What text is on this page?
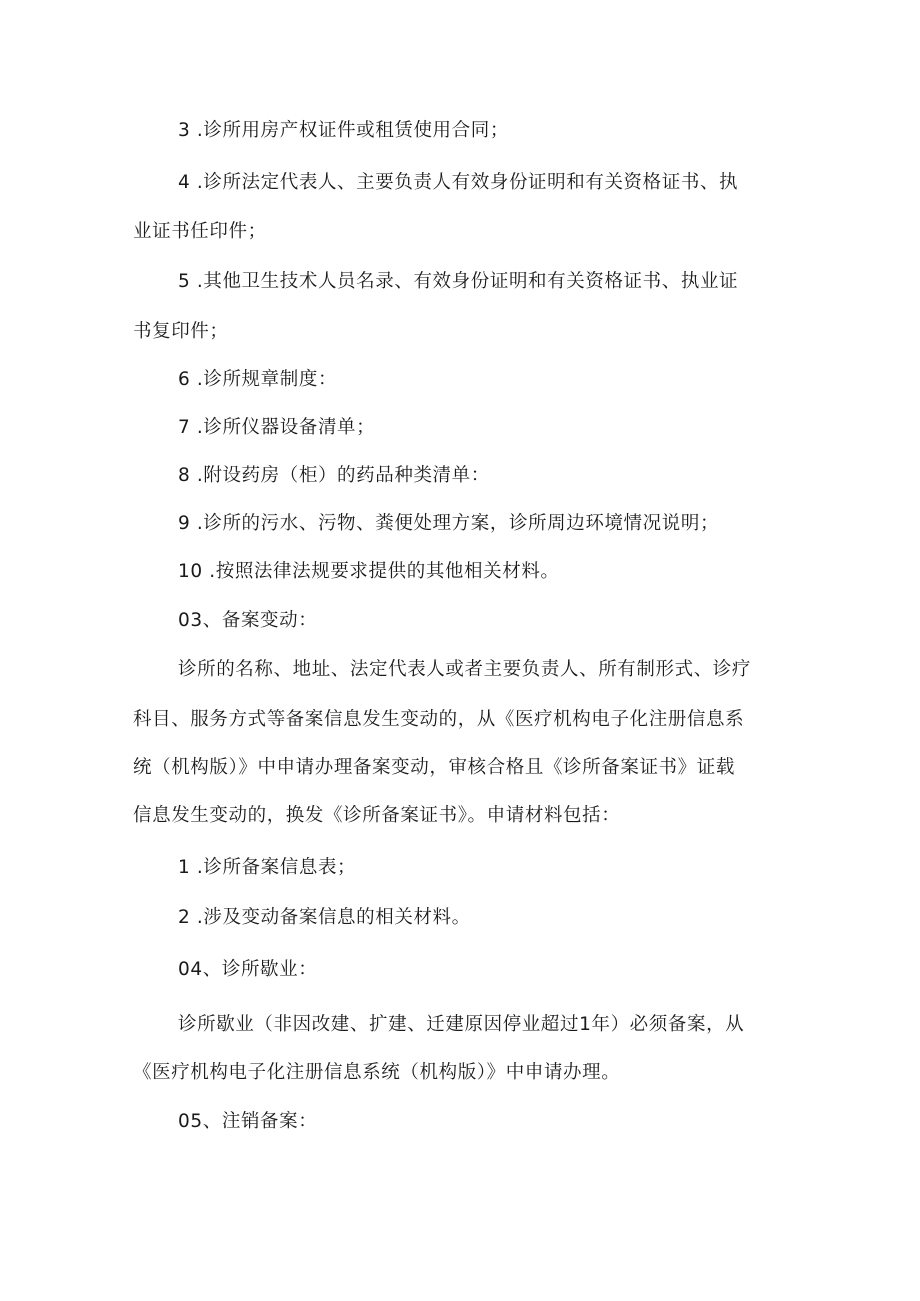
3 .诊所用房产权证件或租赁使用合同；
4 .诊所法定代表人、主要负责人有效身份证明和有关资格证书、执
业证书任印件；
5 .其他卫生技术人员名录、有效身份证明和有关资格证书、执业证
书复印件；
6 .诊所规章制度：
7 .诊所仪器设备清单；
8 .附设药房（柜）的药品种类清单：
9 .诊所的污水、污物、粪便处理方案，诊所周边环境情况说明；
10 .按照法律法规要求提供的其他相关材料。
03、备案变动：
诊所的名称、地址、法定代表人或者主要负责人、所有制形式、诊疗
科目、服务方式等备案信息发生变动的，从《医疗机构电子化注册信息系
统（机构版）》中申请办理备案变动，审核合格且《诊所备案证书》证载
信息发生变动的，换发《诊所备案证书》。申请材料包括：
1 .诊所备案信息表；
2 .涉及变动备案信息的相关材料。
04、诊所歇业：
诊所歇业（非因改建、扩建、迁建原因停业超过1年）必须备案，从
《医疗机构电子化注册信息系统（机构版）》中申请办理。
05、注销备案：
